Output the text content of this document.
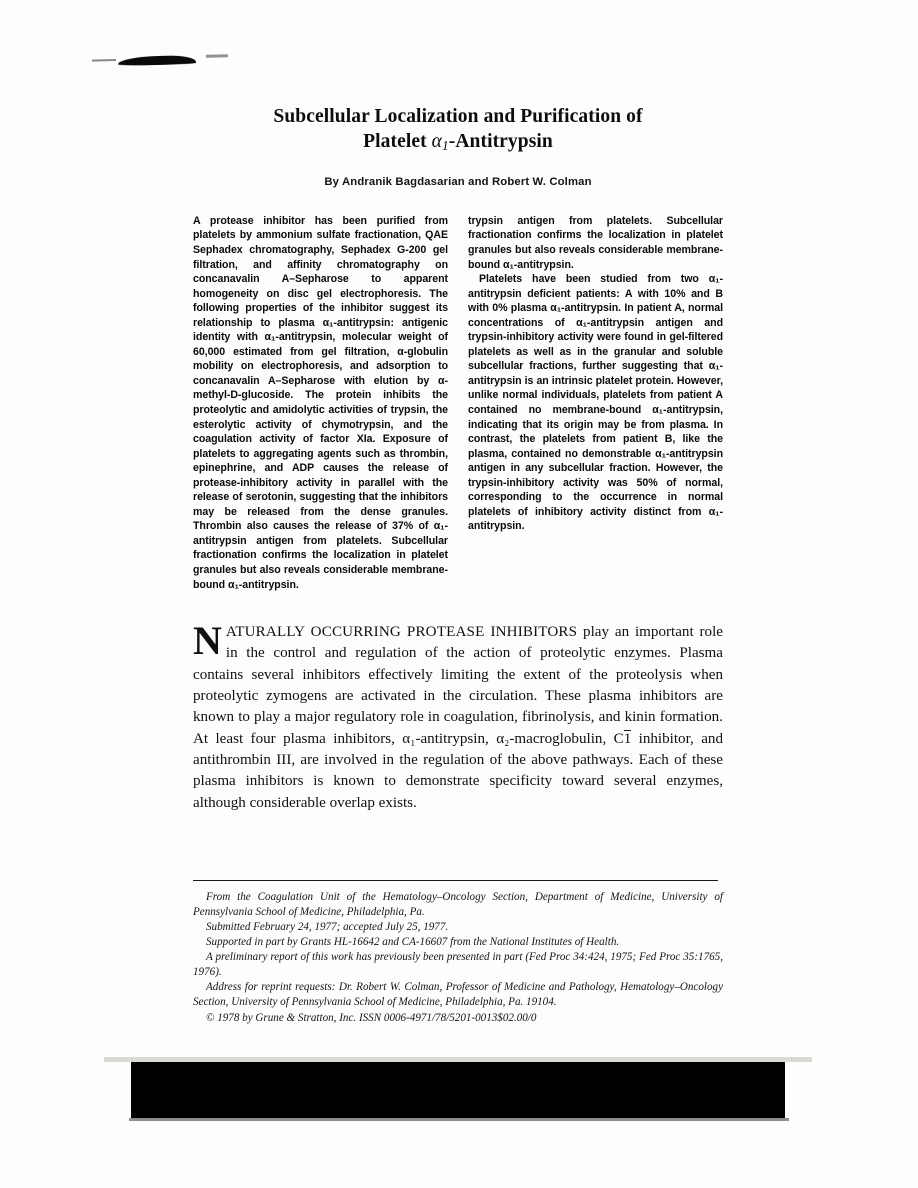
Subcellular Localization and Purification of
Platelet $\alpha_1$-Antitrypsin

By Andranik Bagdasarian and Robert W. Colman

A protease inhibitor has been purified from platelets by ammonium sulfate fractionation, QAE Sephadex chromatography, Sephadex G-200 gel filtration, and affinity chromatography on concanavalin A–Sepharose to apparent homogeneity on disc gel electrophoresis. The following properties of the inhibitor suggest its relationship to plasma α₁-antitrypsin: antigenic identity with α₁-antitrypsin, molecular weight of 60,000 estimated from gel filtration, α-globulin mobility on electrophoresis, and adsorption to concanavalin A–Sepharose with elution by α-methyl-D-glucoside. The protein inhibits the proteolytic and amidolytic activities of trypsin, the esterolytic activity of chymotrypsin, and the coagulation activity of factor XIa. Exposure of platelets to aggregating agents such as thrombin, epinephrine, and ADP causes the release of protease-inhibitory activity in parallel with the release of serotonin, suggesting that the inhibitors may be released from the dense granules. Thrombin also causes the release of 37% of α₁-antitrypsin antigen from platelets. Subcellular fractionation confirms the localization in platelet granules but also reveals considerable membrane-bound α₁-antitrypsin.

trypsin antigen from platelets. Subcellular fractionation confirms the localization in platelet granules but also reveals considerable membrane-bound α₁-antitrypsin.

Platelets have been studied from two α₁-antitrypsin deficient patients: A with 10% and B with 0% plasma α₁-antitrypsin. In patient A, normal concentrations of α₁-antitrypsin antigen and trypsin-inhibitory activity were found in gel-filtered platelets as well as in the granular and soluble subcellular fractions, further suggesting that α₁-antitrypsin is an intrinsic platelet protein. However, unlike normal individuals, platelets from patient A contained no membrane-bound α₁-antitrypsin, indicating that its origin may be from plasma. In contrast, the platelets from patient B, like the plasma, contained no demonstrable α₁-antitrypsin antigen in any subcellular fraction. However, the trypsin-inhibitory activity was 50% of normal, corresponding to the occurrence in normal platelets of inhibitory activity distinct from α₁-antitrypsin.

NATURALLY OCCURRING PROTEASE INHIBITORS play an important role in the control and regulation of the action of proteolytic enzymes. Plasma contains several inhibitors effectively limiting the extent of the proteolysis when proteolytic zymogens are activated in the circulation. These plasma inhibitors are known to play a major regulatory role in coagulation, fibrinolysis, and kinin formation. At least four plasma inhibitors, α₁-antitrypsin, α₂-macroglobulin, C1 inhibitor, and antithrombin III, are involved in the regulation of the above pathways. Each of these plasma inhibitors is known to demonstrate specificity toward several enzymes, although considerable overlap exists.

From the Coagulation Unit of the Hematology–Oncology Section, Department of Medicine, University of Pennsylvania School of Medicine, Philadelphia, Pa.

Submitted February 24, 1977; accepted July 25, 1977.

Supported in part by Grants HL-16642 and CA-16607 from the National Institutes of Health.

A preliminary report of this work has previously been presented in part (Fed Proc 34:424, 1975; Fed Proc 35:1765, 1976).

Address for reprint requests: Dr. Robert W. Colman, Professor of Medicine and Pathology, Hematology–Oncology Section, University of Pennsylvania School of Medicine, Philadelphia, Pa. 19104.

© 1978 by Grune & Stratton, Inc. ISSN 0006-4971/78/5201-0013$02.00/0
